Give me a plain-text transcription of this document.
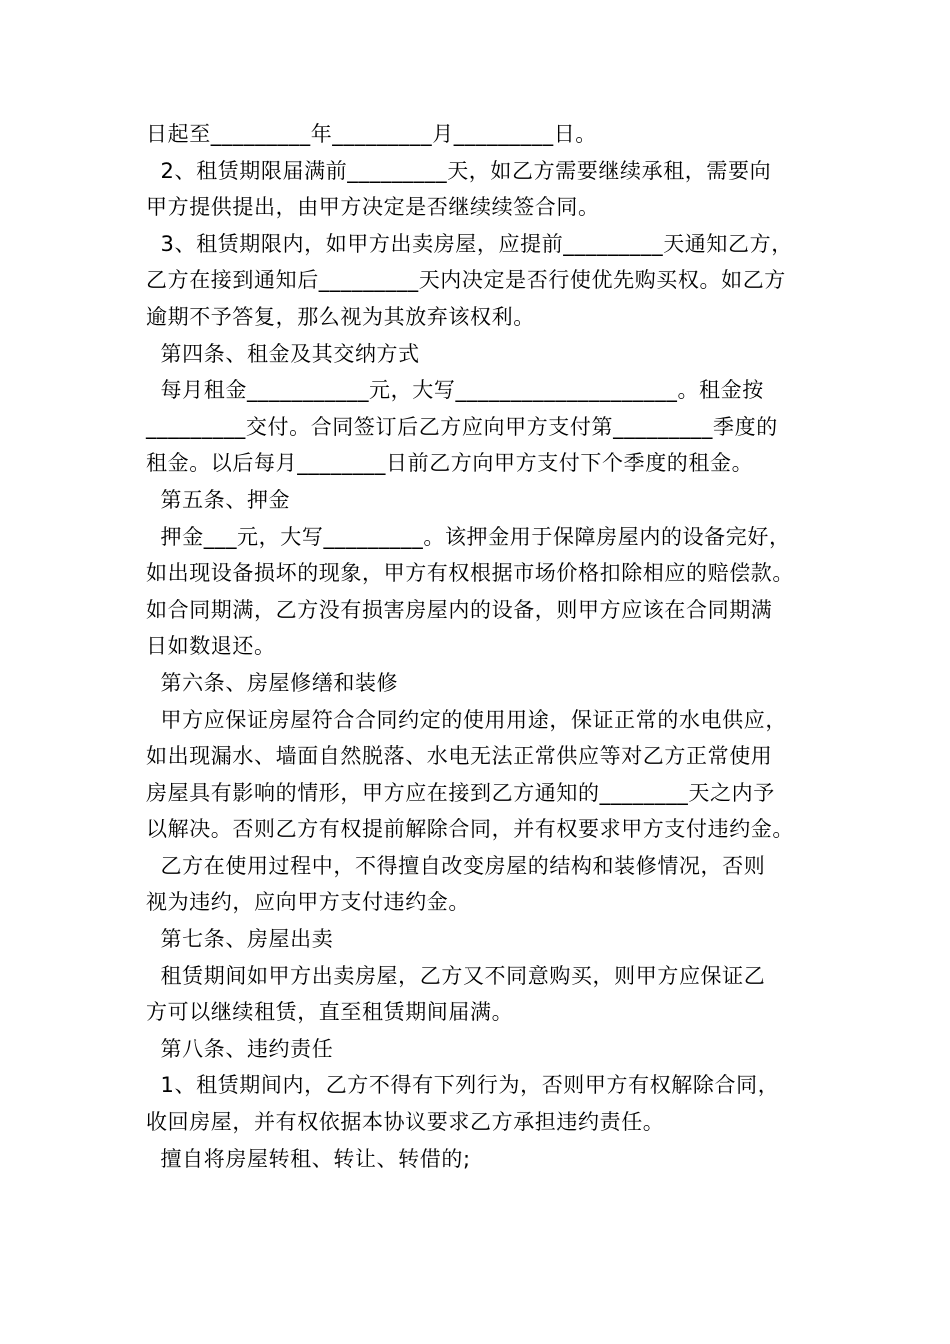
日起至_________年_________月_________日。
2、租赁期限届满前_________天，如乙方需要继续承租，需要向
甲方提供提出，由甲方决定是否继续续签合同。
3、租赁期限内，如甲方出卖房屋，应提前_________天通知乙方，
乙方在接到通知后_________天内决定是否行使优先购买权。如乙方
逾期不予答复，那么视为其放弃该权利。
第四条、租金及其交纳方式
每月租金___________元，大写____________________。租金按
_________交付。合同签订后乙方应向甲方支付第_________季度的
租金。以后每月________日前乙方向甲方支付下个季度的租金。
第五条、押金
押金___元，大写_________。该押金用于保障房屋内的设备完好，
如出现设备损坏的现象，甲方有权根据市场价格扣除相应的赔偿款。
如合同期满，乙方没有损害房屋内的设备，则甲方应该在合同期满
日如数退还。
第六条、房屋修缮和装修
甲方应保证房屋符合合同约定的使用用途，保证正常的水电供应，
如出现漏水、墙面自然脱落、水电无法正常供应等对乙方正常使用
房屋具有影响的情形，甲方应在接到乙方通知的________天之内予
以解决。否则乙方有权提前解除合同，并有权要求甲方支付违约金。
乙方在使用过程中，不得擅自改变房屋的结构和装修情况，否则
视为违约，应向甲方支付违约金。
第七条、房屋出卖
租赁期间如甲方出卖房屋，乙方又不同意购买，则甲方应保证乙
方可以继续租赁，直至租赁期间届满。
第八条、违约责任
1、租赁期间内，乙方不得有下列行为，否则甲方有权解除合同，
收回房屋，并有权依据本协议要求乙方承担违约责任。
擅自将房屋转租、转让、转借的;
